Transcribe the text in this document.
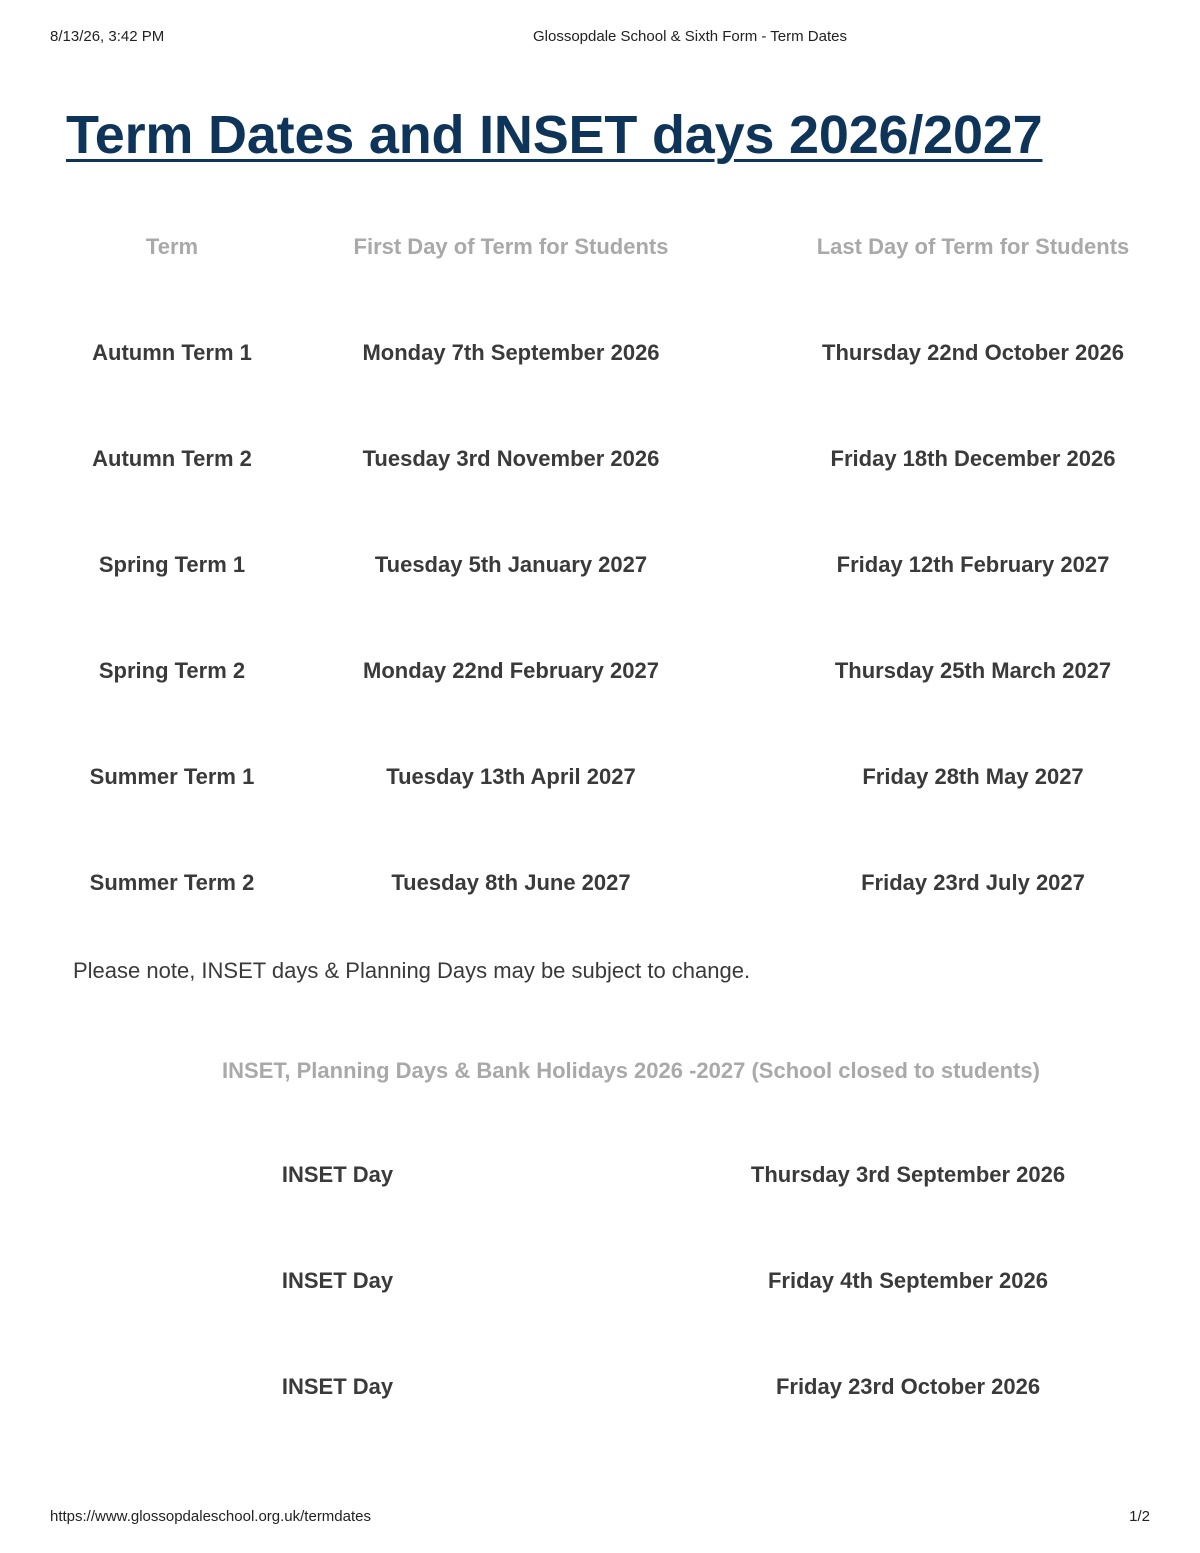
8/13/26, 3:42 PM	Glossopdale School & Sixth Form - Term Dates
Term Dates and INSET days 2026/2027
Term	First Day of Term for Students	Last Day of Term for Students
Autumn Term 1	Monday 7th September 2026	Thursday 22nd October 2026
Autumn Term 2	Tuesday 3rd November 2026	Friday 18th December 2026
Spring Term 1	Tuesday 5th January 2027	Friday 12th February 2027
Spring Term 2	Monday 22nd February 2027	Thursday 25th March 2027
Summer Term 1	Tuesday 13th April 2027	Friday 28th May 2027
Summer Term 2	Tuesday 8th June 2027	Friday 23rd July 2027

Please note, INSET days & Planning Days may be subject to change.

INSET, Planning Days & Bank Holidays 2026 -2027 (School closed to students)
INSET Day	Thursday 3rd September 2026
INSET Day	Friday 4th September 2026
INSET Day	Friday 23rd October 2026
https://www.glossopdaleschool.org.uk/termdates	1/2
